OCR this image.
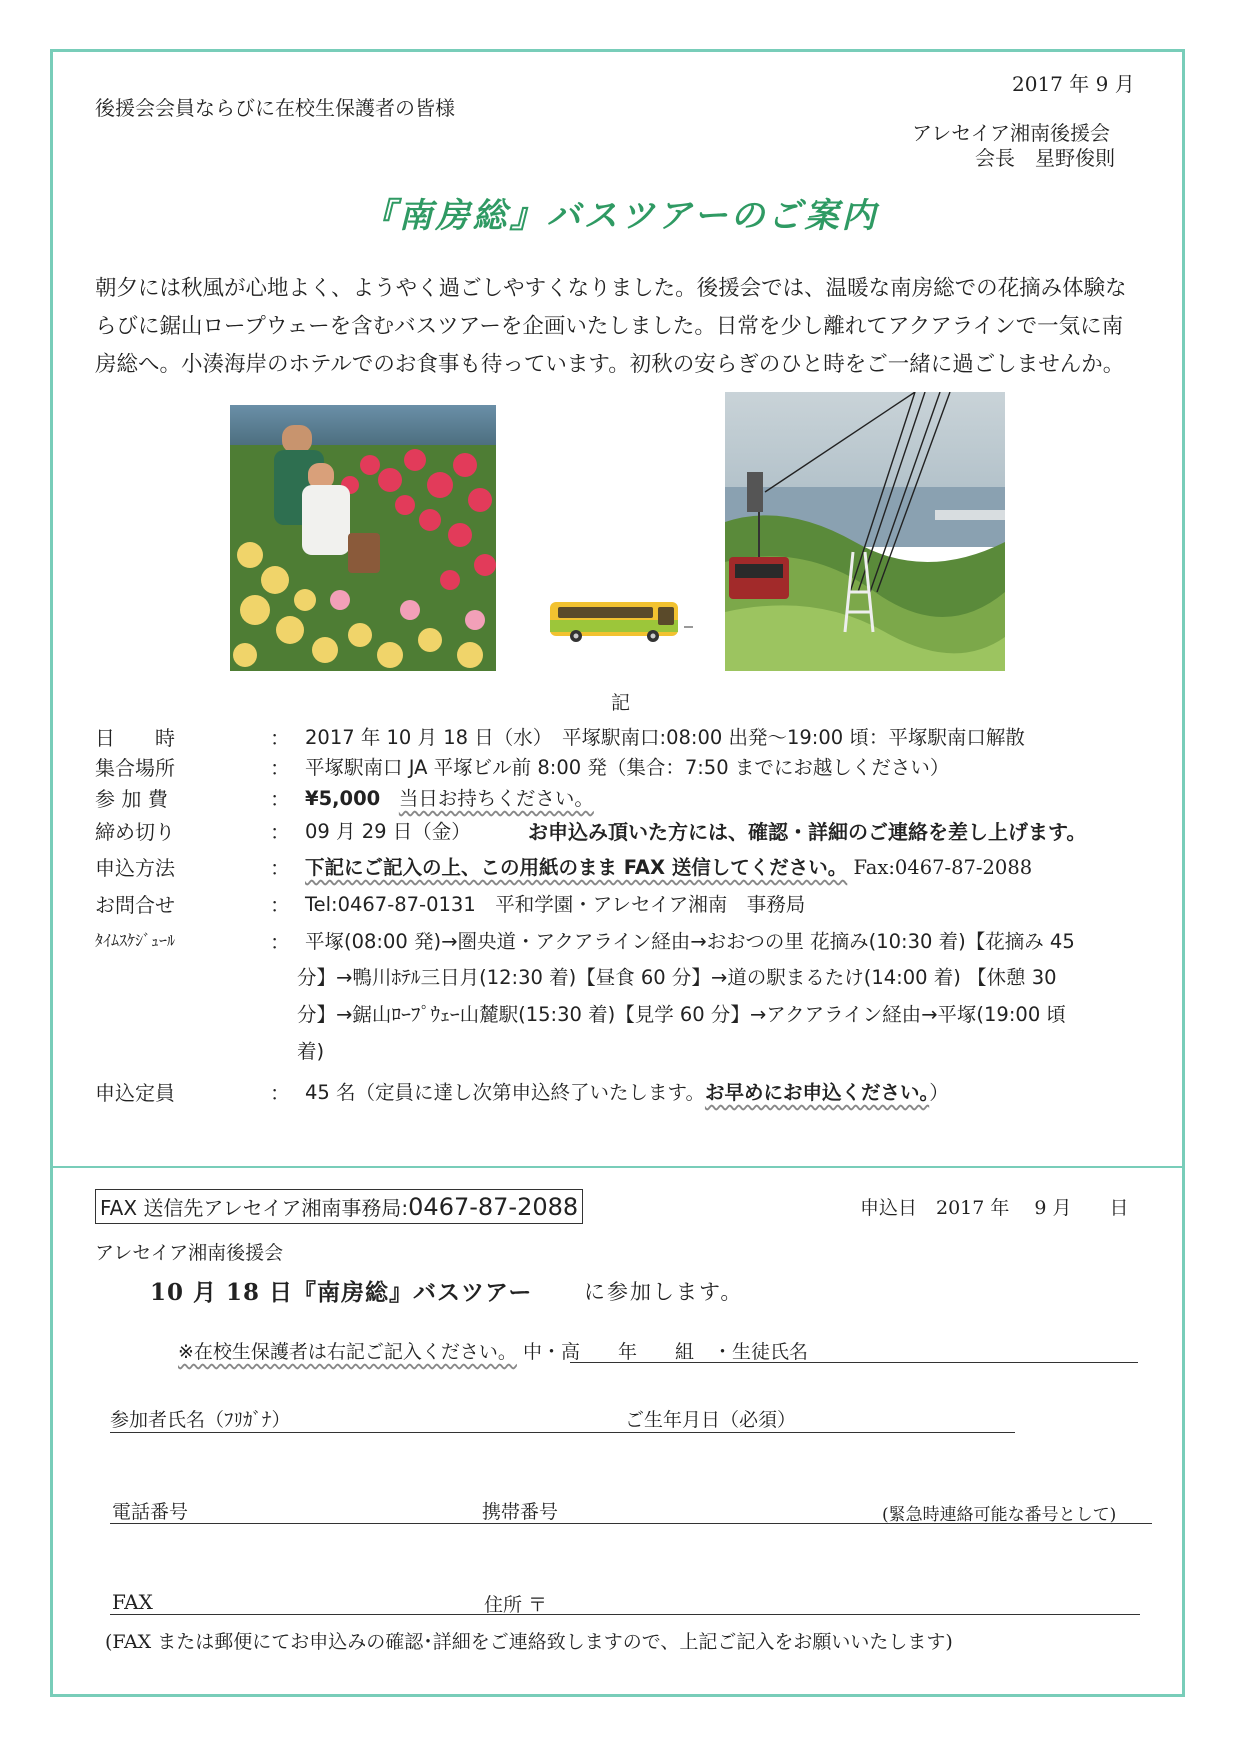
2017 年 9 月
後援会会員ならびに在校生保護者の皆様
アレセイア湘南後援会
会長　星野俊則
『南房総』バスツアーのご案内
朝夕には秋風が心地よく、ようやく過ごしやすくなりました。後援会では、温暖な南房総での花摘み体験な
らびに鋸山ロープウェーを含むバスツアーを企画いたしました。日常を少し離れてアクアラインで一気に南
房総へ。小湊海岸のホテルでのお食事も待っています。初秋の安らぎのひと時をご一緒に過ごしませんか。
記
日　　時	： 2017 年 10 月 18 日（水）　平塚駅南口:08:00 出発～19:00 頃：平塚駅南口解散
集合場所	： 平塚駅南口 JA 平塚ビル前 8:00 発（集合：7:50 までにお越しください）
参 加 費	： ¥5,000 当日お持ちください。
締め切り	： 09 月 29 日（金）	お申込み頂いた方には、確認・詳細のご連絡を差し上げます。
申込方法	： 下記にご記入の上、この用紙のまま FAX 送信してください。 Fax:0467-87-2088
お問合せ	： Tel:0467-87-0131　平和学園・アレセイア湘南　事務局
ﾀｲﾑｽｹｼﾞｭｰﾙ	： 平塚(08:00 発)→圏央道・アクアライン経由→おおつの里 花摘み(10:30 着)【花摘み 45
分】→鴨川ﾎﾃﾙ三日月(12:30 着)【昼食 60 分】→道の駅まるたけ(14:00 着) 【休憩 30
分】→鋸山ﾛｰﾌﾟｳｪｰ山麓駅(15:30 着)【見学 60 分】→アクアライン経由→平塚(19:00 頃
着)
申込定員	： 45 名（定員に達し次第申込終了いたします。お早めにお申込ください。）
FAX 送信先アレセイア湘南事務局:0467-87-2088	申込日　2017 年　 9 月　　日
アレセイア湘南後援会
10 月 18 日『南房総』バスツアー に参加します。
※在校生保護者は右記ご記入ください。 中・高　　年　　組　・生徒氏名
参加者氏名（ﾌﾘｶﾞﾅ）	ご生年月日（必須）
電話番号	携帯番号	(緊急時連絡可能な番号として)
FAX	住所 〒
(FAX または郵便にてお申込みの確認･詳細をご連絡致しますので、上記ご記入をお願いいたします)
